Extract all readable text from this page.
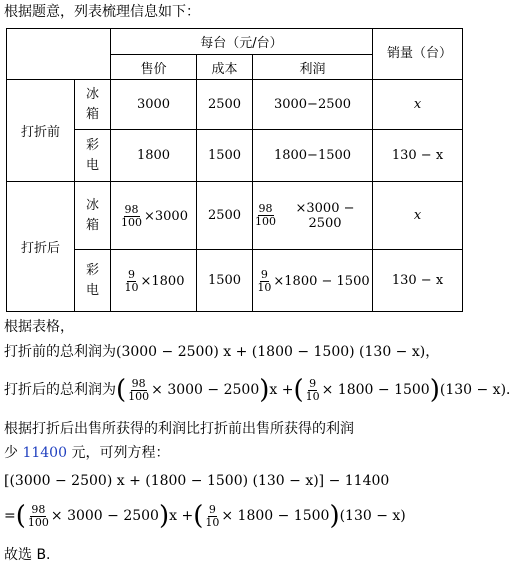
根据题意，列表梳理信息如下：
		每台（元/台）			销量（台）
		售价	成本	利润	
打折前	冰箱	3000	2500	3000−2500	x
	彩电	1800	1500	1800−1500	130 − x
打折后	冰箱	$\frac{98}{100} \times 3000$	2500	$\frac{98}{100} \times 3000 - 2500$	x
	彩电	$\frac{9}{10} \times 1800$	1500	$\frac{9}{10} \times 1800 - 1500$	130 − x
根据表格，
打折前的总利润为(3000 − 2500) x + (1800 − 1500) (130 − x)，
打折后的总利润为 ( $\frac{98}{100} \times 3000 - 2500$ ) x + ( $\frac{9}{10} \times 1800 - 1500$ ) (130 − x)．
根据打折后出售所获得的利润比打折前出售所获得的利润
少 11400 元，可列方程：
[(3000 − 2500) x + (1800 − 1500) (130 − x)] − 11400
= ( $\frac{98}{100} \times 3000 - 2500$ ) x + ( $\frac{9}{10} \times 1800 - 1500$ ) (130 − x)
故选 B.
